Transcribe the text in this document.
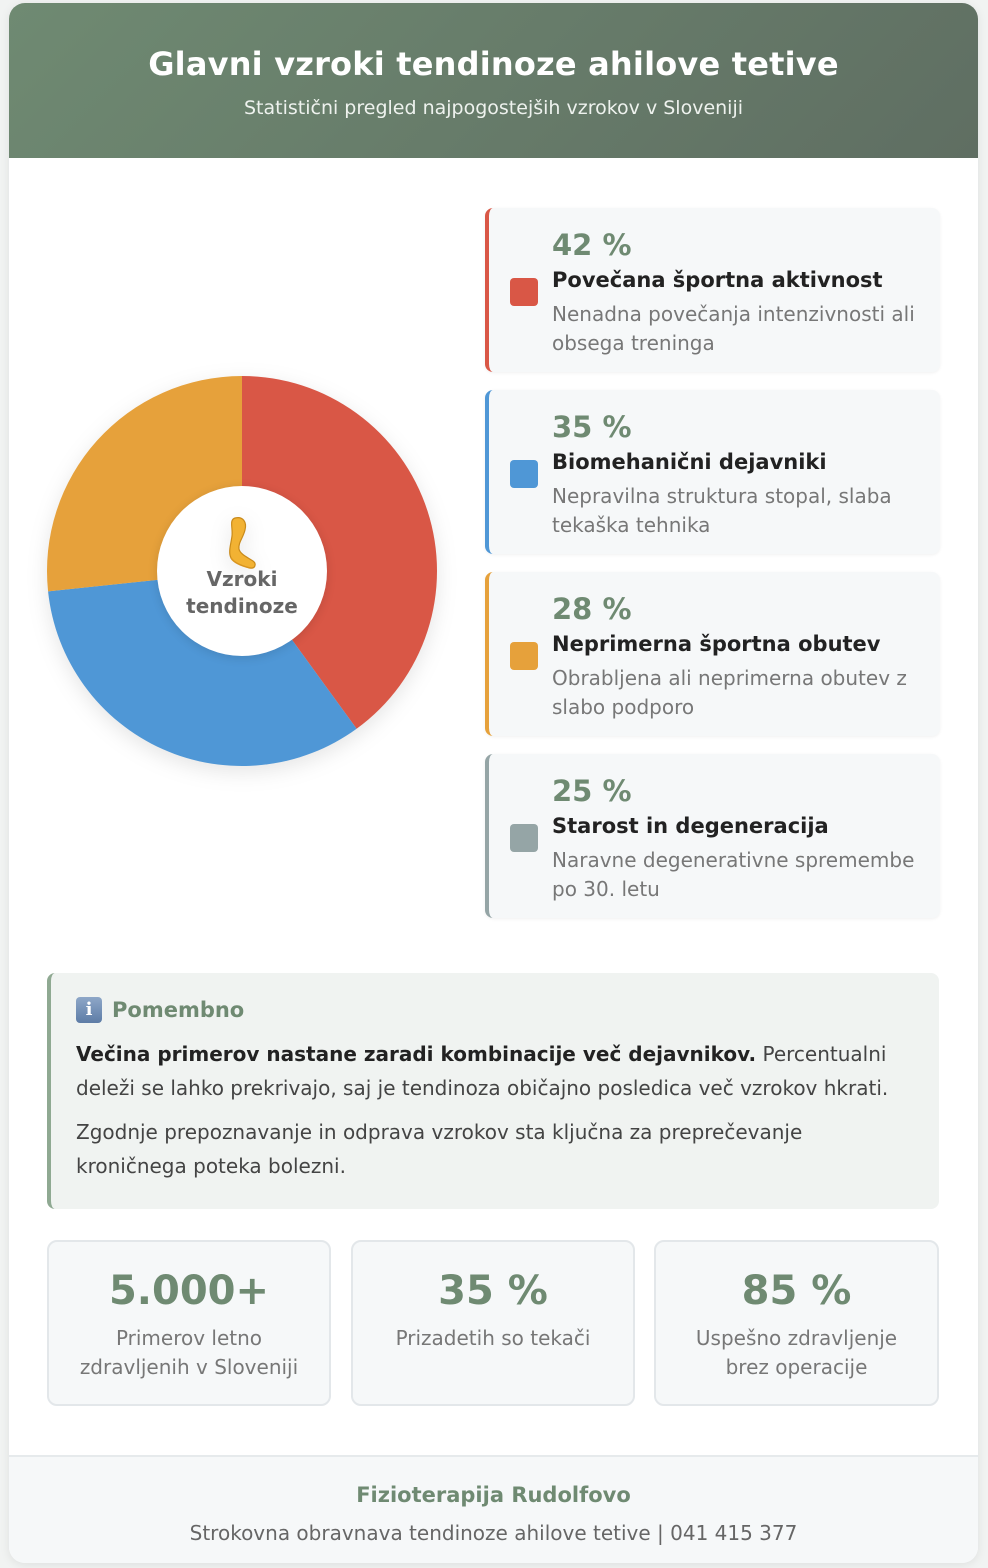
Glavni vzroki tendinoze ahilove tetive
Statistični pregled najpogostejših vzrokov v Sloveniji
Vzroki
tendinoze
42 %
Povečana športna aktivnost
Nenadna povečanja intenzivnosti ali obsega treninga
35 %
Biomehanični dejavniki
Nepravilna struktura stopal, slaba tekaška tehnika
28 %
Neprimerna športna obutev
Obrabljena ali neprimerna obutev z slabo podporo
25 %
Starost in degeneracija
Naravne degenerativne spremembe po 30. letu
i Pomembno

Večina primerov nastane zaradi kombinacije več dejavnikov. Percentualni deleži se lahko prekrivajo, saj je tendinoza običajno posledica več vzrokov hkrati.

Zgodnje prepoznavanje in odprava vzrokov sta ključna za preprečevanje kroničnega poteka bolezni.

5.000+
Primerov letno zdravljenih v Sloveniji
35 %
Prizadetih so tekači
85 %
Uspešno zdravljenje brez operacije
Fizioterapija Rudolfovo
Strokovna obravnava tendinoze ahilove tetive | 041 415 377
